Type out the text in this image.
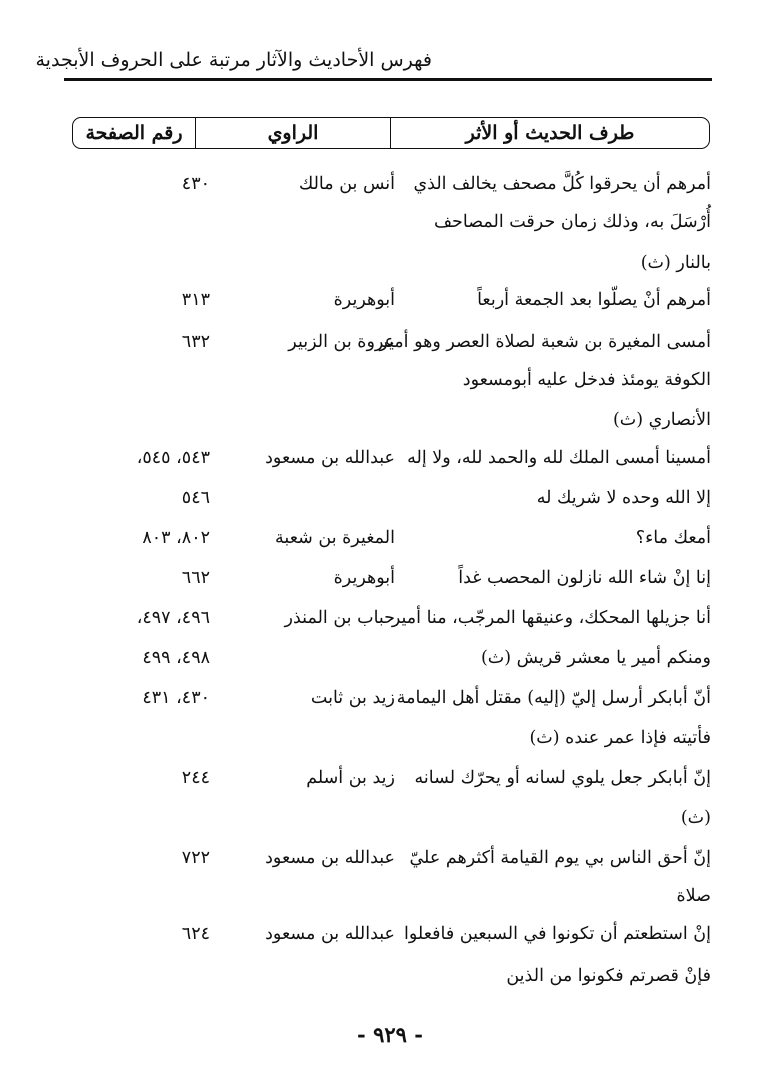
فهرس الأحاديث والآثار مرتبة على الحروف الأبجدية
طرف الحديث أو الأثر
الراوي
رقم الصفحة
أمرهم أن يحرقوا كُلَّ مصحف يخالف الذي
أنس بن مالك
٤٣٠
أُرْسَلَ به، وذلك زمان حرقت المصاحف
بالنار (ث)
أمرهم أنْ يصلّوا بعد الجمعة أربعاً
أبوهريرة
٣١٣
أمسى المغيرة بن شعبة لصلاة العصر وهو أمير
عروة بن الزبير
٦٣٢
الكوفة يومئذ فدخل عليه أبومسعود
الأنصاري (ث)
أمسينا أمسى الملك لله والحمد لله، ولا إله
عبدالله بن مسعود
٥٤٣، ٥٤٥،
إلا الله وحده لا شريك له
٥٤٦
أمعك ماء؟
المغيرة بن شعبة
٨٠٢، ٨٠٣
إنا إنْ شاء الله نازلون المحصب غداً
أبوهريرة
٦٦٢
أنا جزيلها المحكك، وعنيقها المرجّب، منا أمير
حباب بن المنذر
٤٩٦، ٤٩٧،
ومنكم أمير يا معشر قريش (ث)
٤٩٨، ٤٩٩
أنّ أبابكر أرسل إليّ (إليه) مقتل أهل اليمامة
زيد بن ثابت
٤٣٠، ٤٣١
فأتيته فإذا عمر عنده (ث)
إنّ أبابكر جعل يلوي لسانه أو يحرّك لسانه
زيد بن أسلم
٢٤٤
(ث)
إنّ أحق الناس بي يوم القيامة أكثرهم عليّ
عبدالله بن مسعود
٧٢٢
صلاة
إنْ استطعتم أن تكونوا في السبعين فافعلوا
عبدالله بن مسعود
٦٢٤
فإنْ قصرتم فكونوا من الذين
- ٩٢٩ -
